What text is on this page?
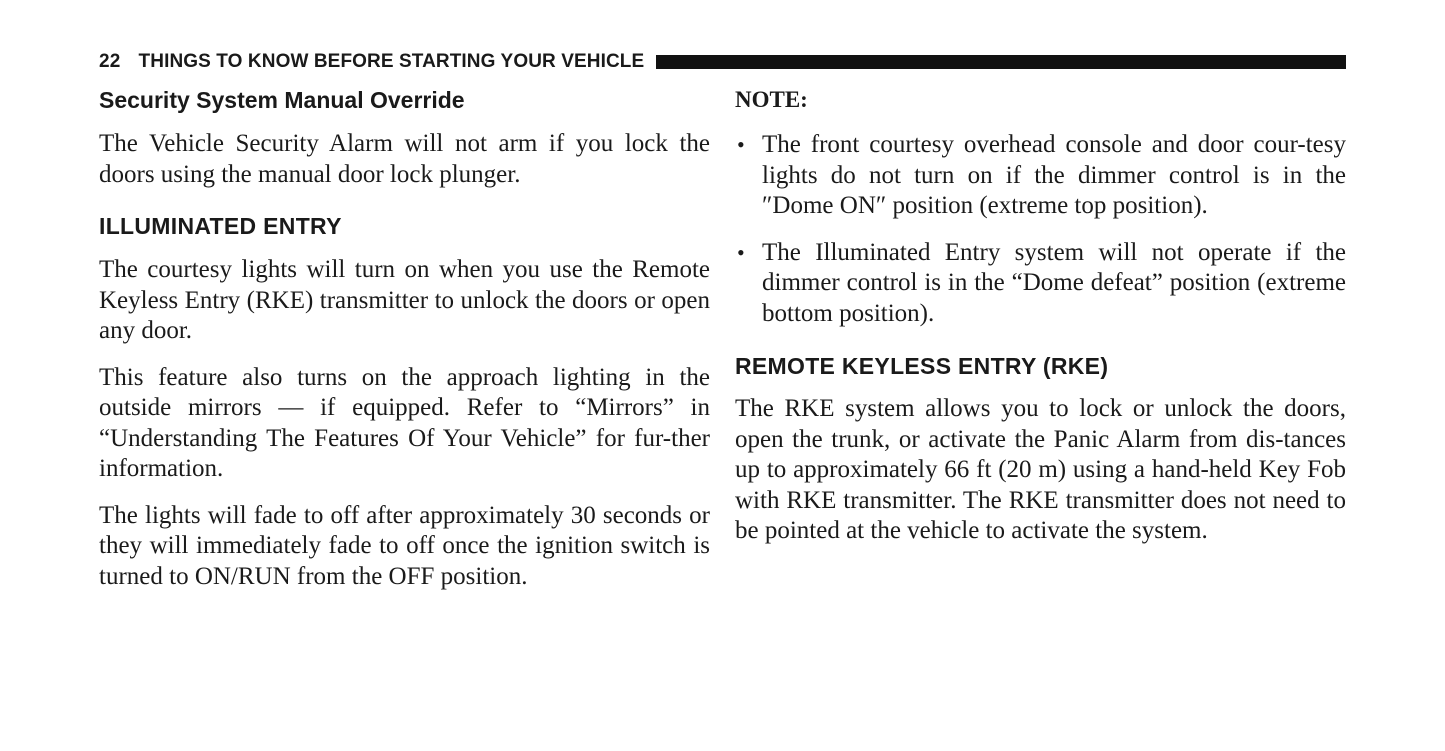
22 THINGS TO KNOW BEFORE STARTING YOUR VEHICLE
Security System Manual Override

The Vehicle Security Alarm will not arm if you lock the doors using the manual door lock plunger.

ILLUMINATED ENTRY

The courtesy lights will turn on when you use the Remote Keyless Entry (RKE) transmitter to unlock the doors or open any door.

This feature also turns on the approach lighting in the outside mirrors — if equipped. Refer to “Mirrors” in “Understanding The Features Of Your Vehicle” for fur-ther information.

The lights will fade to off after approximately 30 seconds or they will immediately fade to off once the ignition switch is turned to ON/RUN from the OFF position.

NOTE:
• The front courtesy overhead console and door cour-tesy lights do not turn on if the dimmer control is in the ″Dome ON″ position (extreme top position).
• The Illuminated Entry system will not operate if the dimmer control is in the “Dome defeat” position (extreme bottom position).
REMOTE KEYLESS ENTRY (RKE)

The RKE system allows you to lock or unlock the doors, open the trunk, or activate the Panic Alarm from dis-tances up to approximately 66 ft (20 m) using a hand-held Key Fob with RKE transmitter. The RKE transmitter does not need to be pointed at the vehicle to activate the system.
